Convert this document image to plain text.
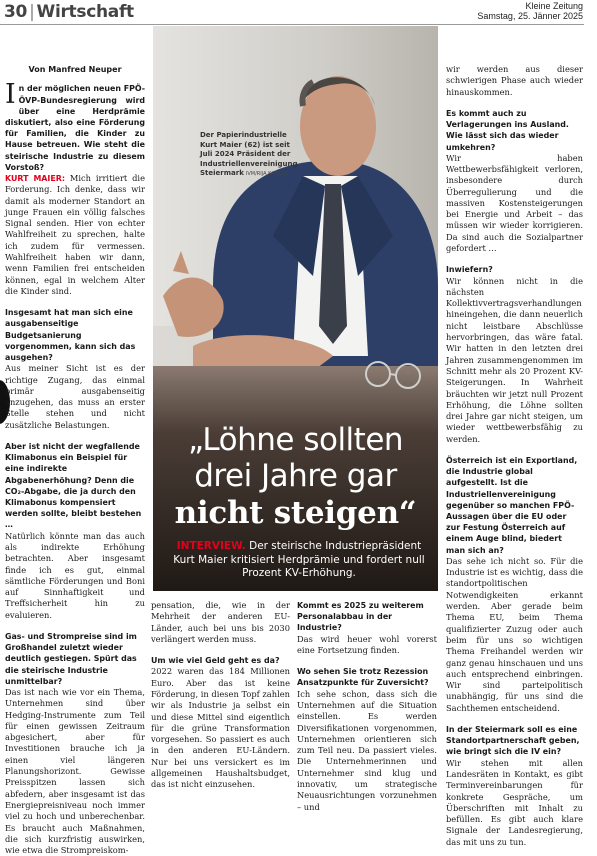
30 | Wirtschaft	Kleine Zeitung
Samstag, 25. Jänner 2025
Von Manfred Neuper

In der möglichen neuen FPÖ-ÖVP-Bundesregierung wird über eine Herdprämie diskutiert, also eine Förderung für Familien, die Kinder zu Hause betreuen. Wie steht die steirische Industrie zu diesem Vorstoß?

KURT MAIER: Mich irritiert die Forderung. Ich denke, dass wir damit als moderner Standort an junge Frauen ein völlig falsches Signal senden. Hier von echter Wahlfreiheit zu sprechen, halte ich zudem für vermessen. Wahlfreiheit haben wir dann, wenn Familien frei entscheiden können, egal in welchem Alter die Kinder sind.

Insgesamt hat man sich eine ausgabenseitige Budgetsanierung vorgenommen, kann sich das ausgehen?

Aus meiner Sicht ist es der richtige Zugang, das einmal primär ausgabenseitig anzugehen, das muss an erster Stelle stehen und nicht zusätzliche Belastungen.

Aber ist nicht der wegfallende Klimabonus ein Beispiel für eine indirekte Abgabenerhöhung? Denn die CO₂-Abgabe, die ja durch den Klimabonus kompensiert werden sollte, bleibt bestehen …

Natürlich könnte man das auch als indirekte Erhöhung betrachten. Aber insgesamt finde ich es gut, einmal sämtliche Förderungen und Boni auf Sinnhaftigkeit und Treffsicherheit hin zu evaluieren.

Gas- und Strompreise sind im Großhandel zuletzt wieder deutlich gestiegen. Spürt das die steirische Industrie unmittelbar?

Das ist nach wie vor ein Thema, Unternehmen sind über Hedging-Instrumente zum Teil für einen gewissen Zeitraum abgesichert, aber für Investitionen brauche ich ja einen viel längeren Planungshorizont. Gewisse Preisspitzen lassen sich abfedern, aber insgesamt ist das Energiepreisniveau noch immer viel zu hoch und unberechenbar. Es braucht auch Maßnahmen, die sich kurzfristig auswirken, wie etwa die Strompreiskom-

Der Papierindustrielle Kurt Maier (62) ist seit Juli 2024 Präsident der Industriellenvereinigung Steiermark IVM/RIJA KANIZAJ
„Löhne sollten
drei Jahre gar
nicht steigen“
INTERVIEW. Der steirische Industriepräsident Kurt Maier kritisiert Herdprämie und fordert null Prozent KV-Erhöhung.

pensation, die, wie in der Mehrheit der anderen EU-Länder, auch bei uns bis 2030 verlängert werden muss.

Um wie viel Geld geht es da?

2022 waren das 184 Millionen Euro. Aber das ist keine Förderung, in diesen Topf zahlen wir als Industrie ja selbst ein und diese Mittel sind eigentlich für die grüne Transformation vorgesehen. So passiert es auch in den anderen EU-Ländern. Nur bei uns versickert es im allgemeinen Haushaltsbudget, das ist nicht einzusehen.

Kommt es 2025 zu weiterem Personalabbau in der Industrie?

Das wird heuer wohl vorerst eine Fortsetzung finden.

Wo sehen Sie trotz Rezession Ansatzpunkte für Zuversicht?

Ich sehe schon, dass sich die Unternehmen auf die Situation einstellen. Es werden Diversifikationen vorgenommen, Unternehmen orientieren sich zum Teil neu. Da passiert vieles. Die Unternehmerinnen und Unternehmer sind klug und innovativ, um strategische Neuausrichtungen vorzunehmen – und

wir werden aus dieser schwierigen Phase auch wieder hinauskommen.

Es kommt auch zu Verlagerungen ins Ausland. Wie lässt sich das wieder umkehren?

Wir haben Wettbewerbsfähigkeit verloren, insbesondere durch Überregulierung und die massiven Kostensteigerungen bei Energie und Arbeit – das müssen wir wieder korrigieren. Da sind auch die Sozialpartner gefordert …

Inwiefern?

Wir können nicht in die nächsten Kollektivvertragsverhandlungen hineingehen, die dann neuerlich nicht leistbare Abschlüsse hervorbringen, das wäre fatal. Wir hatten in den letzten drei Jahren zusammengenommen im Schnitt mehr als 20 Prozent KV-Steigerungen. In Wahrheit bräuchten wir jetzt null Prozent Erhöhung, die Löhne sollten drei Jahre gar nicht steigen, um wieder wettbewerbsfähig zu werden.

Österreich ist ein Exportland, die Industrie global aufgestellt. Ist die Industriellenvereinigung gegenüber so manchen FPÖ-Aussagen über die EU oder zur Festung Österreich auf einem Auge blind, biedert man sich an?

Das sehe ich nicht so. Für die Industrie ist es wichtig, dass die standortpolitischen Notwendigkeiten erkannt werden. Aber gerade beim Thema EU, beim Thema qualifizierter Zuzug oder auch beim für uns so wichtigen Thema Freihandel werden wir ganz genau hinschauen und uns auch entsprechend einbringen. Wir sind parteipolitisch unabhängig, für uns sind die Sachthemen entscheidend.

In der Steiermark soll es eine Standortpartnerschaft geben, wie bringt sich die IV ein?

Wir stehen mit allen Landesräten in Kontakt, es gibt Terminvereinbarungen für konkrete Gespräche, um Überschriften mit Inhalt zu befüllen. Es gibt auch klare Signale der Landesregierung, das mit uns zu tun.
